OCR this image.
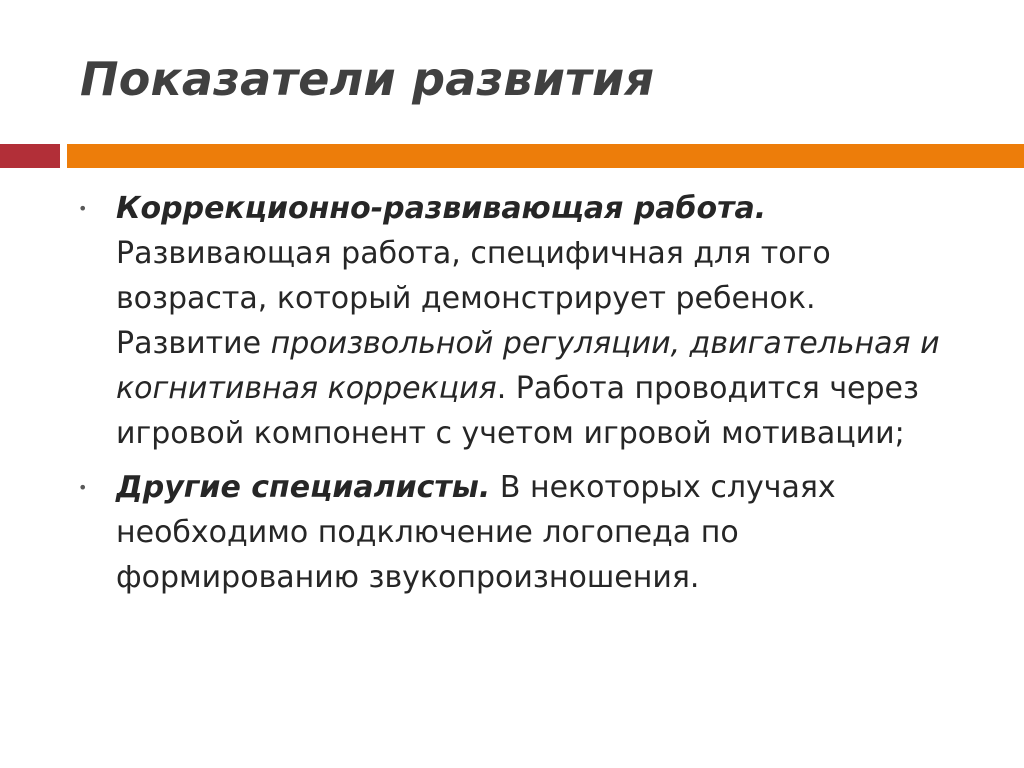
Показатели развития
• Коррекционно-развивающая работа. Развивающая работа, специфичная для того возраста, который демонстрирует ребенок. Развитие произвольной регуляции, двигательная и когнитивная коррекция. Работа проводится через игровой компонент с учетом игровой мотивации;
• Другие специалисты. В некоторых случаях необходимо подключение логопеда по формированию звукопроизношения.
